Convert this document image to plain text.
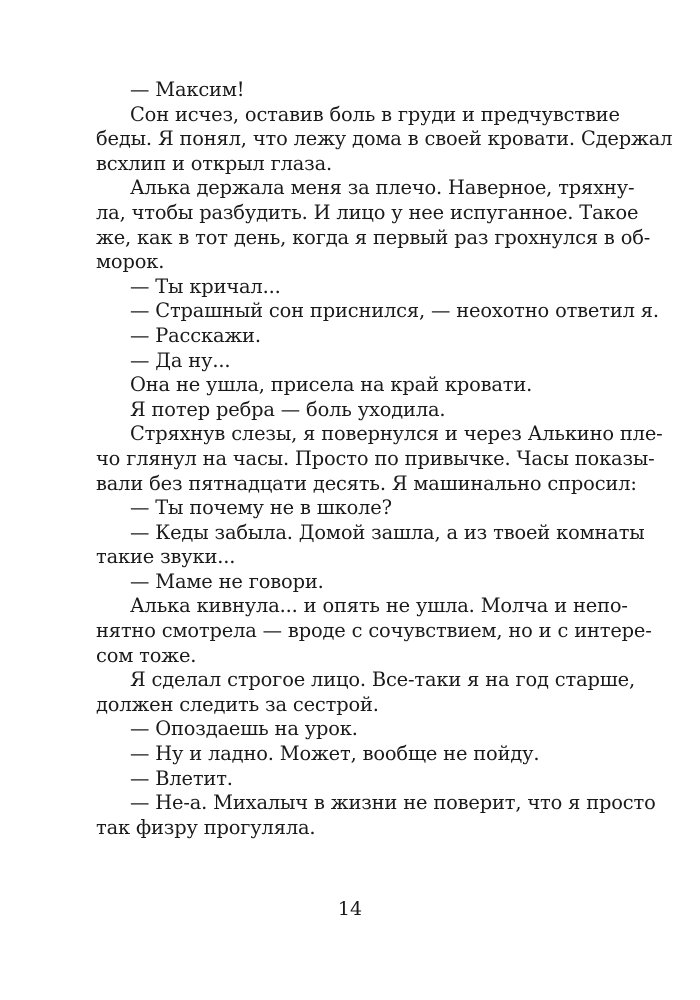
— Максим!
Сон исчез, оставив боль в груди и предчувствие
беды. Я понял, что лежу дома в своей кровати. Сдержал
всхлип и открыл глаза.
Алька держала меня за плечо. Наверное, тряхну-
ла, чтобы разбудить. И лицо у нее испуганное. Такое
же, как в тот день, когда я первый раз грохнулся в об-
морок.
— Ты кричал...
— Страшный сон приснился, — неохотно ответил я.
— Расскажи.
— Да ну...
Она не ушла, присела на край кровати.
Я потер ребра — боль уходила.
Стряхнув слезы, я повернулся и через Алькино пле-
чо глянул на часы. Просто по привычке. Часы показы-
вали без пятнадцати десять. Я машинально спросил:
— Ты почему не в школе?
— Кеды забыла. Домой зашла, а из твоей комнаты
такие звуки...
— Маме не говори.
Алька кивнула... и опять не ушла. Молча и непо-
нятно смотрела — вроде с сочувствием, но и с интере-
сом тоже.
Я сделал строгое лицо. Все-таки я на год старше,
должен следить за сестрой.
— Опоздаешь на урок.
— Ну и ладно. Может, вообще не пойду.
— Влетит.
— Не-а. Михалыч в жизни не поверит, что я просто
так физру прогуляла.
14
